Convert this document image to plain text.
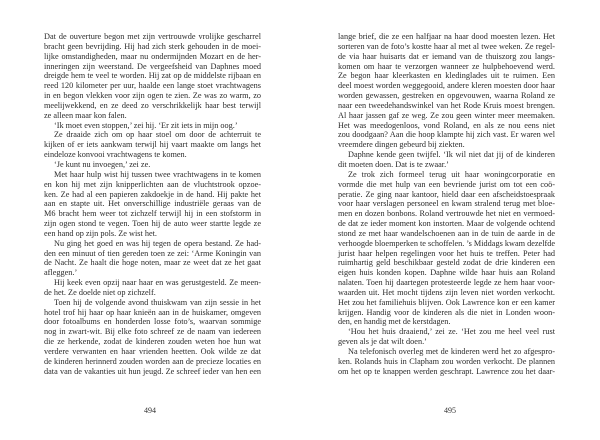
Dat de ouverture begon met zijn vertrouwde vrolijke gescharrel
bracht geen bevrijding. Hij had zich sterk gehouden in de moei-
lijke omstandigheden, maar nu ondermijnden Mozart en de her-
inneringen zijn weerstand. De vergeefsheid van Daphnes moed
dreigde hem te veel te worden. Hij zat op de middelste rijbaan en
reed 120 kilometer per uur, haalde een lange stoet vrachtwagens
in en begon vlekken voor zijn ogen te zien. Ze was zo warm, zo
meelijwekkend, en ze deed zo verschrikkelijk haar best terwijl
ze alleen maar kon falen.
‘Ik moet even stoppen,’ zei hij. ‘Er zit iets in mijn oog.’
Ze draaide zich om op haar stoel om door de achterruit te
kijken of er iets aankwam terwijl hij vaart maakte om langs het
eindeloze konvooi vrachtwagens te komen.
‘Je kunt nu invoegen,’ zei ze.
Met haar hulp wist hij tussen twee vrachtwagens in te komen
en kon hij met zijn knipperlichten aan de vluchtstrook opzoe-
ken. Ze had al een papieren zakdoekje in de hand. Hij pakte het
aan en stapte uit. Het onverschillige industriële geraas van de
M6 bracht hem weer tot zichzelf terwijl hij in een stofstorm in
zijn ogen stond te vegen. Toen hij de auto weer startte legde ze
een hand op zijn pols. Ze wist het.
Nu ging het goed en was hij tegen de opera bestand. Ze had-
den een minuut of tien gereden toen ze zei: ‘Arme Koningin van
de Nacht. Ze haalt die hoge noten, maar ze weet dat ze het gaat
afleggen.’
Hij keek even opzij naar haar en was gerustgesteld. Ze meen-
de het. Ze doelde niet op zichzelf.
Toen hij de volgende avond thuiskwam van zijn sessie in het
hotel trof hij haar op haar knieën aan in de huiskamer, omgeven
door fotoalbums en honderden losse foto’s, waarvan sommige
nog in zwart-wit. Bij elke foto schreef ze de naam van iedereen
die ze herkende, zodat de kinderen zouden weten hoe hun wat
verdere verwanten en haar vrienden heetten. Ook wilde ze dat
de kinderen herinnerd zouden worden aan de precieze locaties en
data van de vakanties uit hun jeugd. Ze schreef ieder van hen een
494
lange brief, die ze een halfjaar na haar dood moesten lezen. Het
sorteren van de foto’s kostte haar al met al twee weken. Ze regel-
de via haar huisarts dat er iemand van de thuiszorg zou langs-
komen om haar te verzorgen wanneer ze hulpbehoevend werd.
Ze begon haar kleerkasten en kledinglades uit te ruimen. Een
deel moest worden weggegooid, andere kleren moesten door haar
worden gewassen, gestreken en opgevouwen, waarna Roland ze
naar een tweedehandswinkel van het Rode Kruis moest brengen.
Al haar jassen gaf ze weg. Ze zou geen winter meer meemaken.
Het was meedogenloos, vond Roland, en als ze nou eens niet
zou doodgaan? Aan die hoop klampte hij zich vast. Er waren wel
vreemdere dingen gebeurd bij ziekten.
Daphne kende geen twijfel. ‘Ik wil niet dat jij of de kinderen
dit moeten doen. Dat is te zwaar.’
Ze trok zich formeel terug uit haar woningcorporatie en
vormde die met hulp van een bevriende jurist om tot een coö-
peratie. Ze ging naar kantoor, hield daar een afscheidstoespraak
voor haar verslagen personeel en kwam stralend terug met bloe-
men en dozen bonbons. Roland vertrouwde het niet en vermoed-
de dat ze ieder moment kon instorten. Maar de volgende ochtend
stond ze met haar wandelschoenen aan in de tuin de aarde in de
verhoogde bloemperken te schoffelen. ’s Middags kwam dezelfde
jurist haar helpen regelingen voor het huis te treffen. Peter had
ruimhartig geld beschikbaar gesteld zodat de drie kinderen een
eigen huis konden kopen. Daphne wilde haar huis aan Roland
nalaten. Toen hij daartegen protesteerde legde ze hem haar voor-
waarden uit. Het mocht tijdens zijn leven niet worden verkocht.
Het zou het familiehuis blijven. Ook Lawrence kon er een kamer
krijgen. Handig voor de kinderen als die niet in Londen woon-
den, en handig met de kerstdagen.
‘Hou het huis draaiend,’ zei ze. ‘Het zou me heel veel rust
geven als je dat wilt doen.’
Na telefonisch overleg met de kinderen werd het zo afgespro-
ken. Rolands huis in Clapham zou worden verkocht. De plannen
om het op te knappen werden geschrapt. Lawrence zou het daar-
495
